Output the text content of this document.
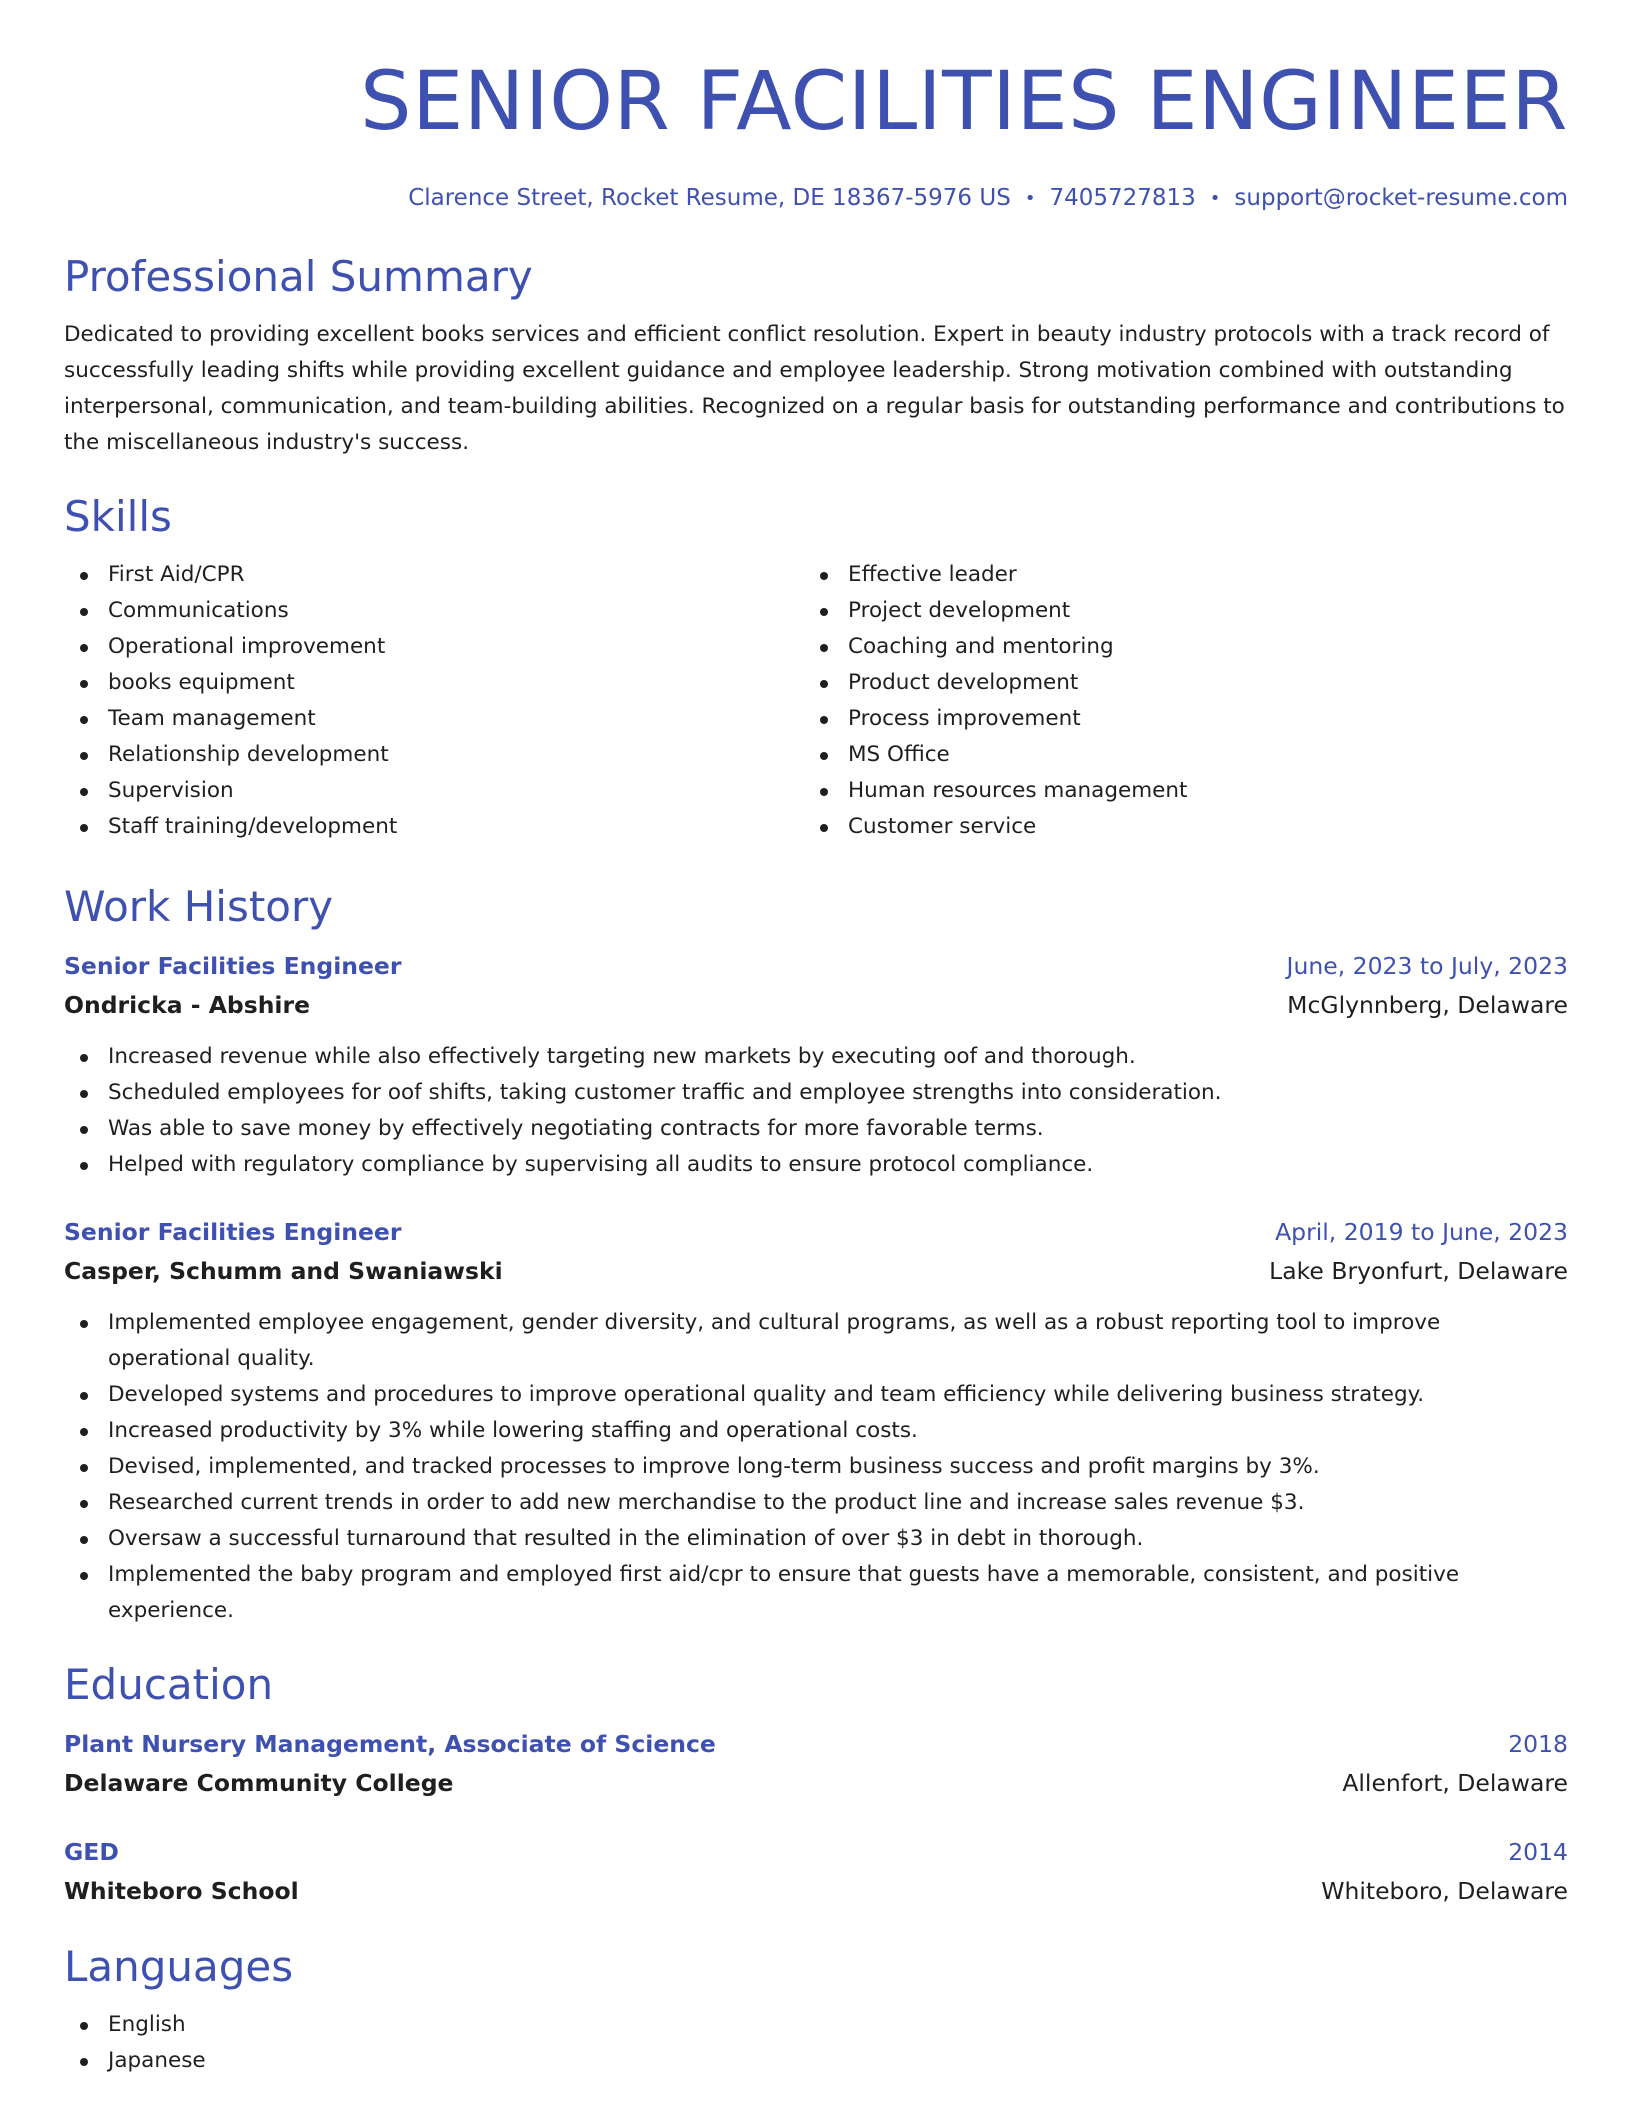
SENIOR FACILITIES ENGINEER
Clarence Street, Rocket Resume, DE 18367-5976 US • 7405727813 • support@rocket-resume.com
Professional Summary

Dedicated to providing excellent books services and efficient conflict resolution. Expert in beauty industry protocols with a track record of successfully leading shifts while providing excellent guidance and employee leadership. Strong motivation combined with outstanding interpersonal, communication, and team-building abilities. Recognized on a regular basis for outstanding performance and contributions to the miscellaneous industry's success.

Skills
First Aid/CPR
Communications
Operational improvement
books equipment
Team management
Relationship development
Supervision
Staff training/development
Effective leader
Project development
Coaching and mentoring
Product development
Process improvement
MS Office
Human resources management
Customer service
Work History
Senior Facilities Engineer	June, 2023 to July, 2023
Ondricka - Abshire	McGlynnberg, Delaware
Increased revenue while also effectively targeting new markets by executing oof and thorough.
Scheduled employees for oof shifts, taking customer traffic and employee strengths into consideration.
Was able to save money by effectively negotiating contracts for more favorable terms.
Helped with regulatory compliance by supervising all audits to ensure protocol compliance.
Senior Facilities Engineer	April, 2019 to June, 2023
Casper, Schumm and Swaniawski	Lake Bryonfurt, Delaware
Implemented employee engagement, gender diversity, and cultural programs, as well as a robust reporting tool to improve operational quality.
Developed systems and procedures to improve operational quality and team efficiency while delivering business strategy.
Increased productivity by 3% while lowering staffing and operational costs.
Devised, implemented, and tracked processes to improve long-term business success and profit margins by 3%.
Researched current trends in order to add new merchandise to the product line and increase sales revenue $3.
Oversaw a successful turnaround that resulted in the elimination of over $3 in debt in thorough.
Implemented the baby program and employed first aid/cpr to ensure that guests have a memorable, consistent, and positive experience.
Education
Plant Nursery Management, Associate of Science	2018
Delaware Community College	Allenfort, Delaware
GED	2014
Whiteboro School	Whiteboro, Delaware
Languages
English
Japanese
